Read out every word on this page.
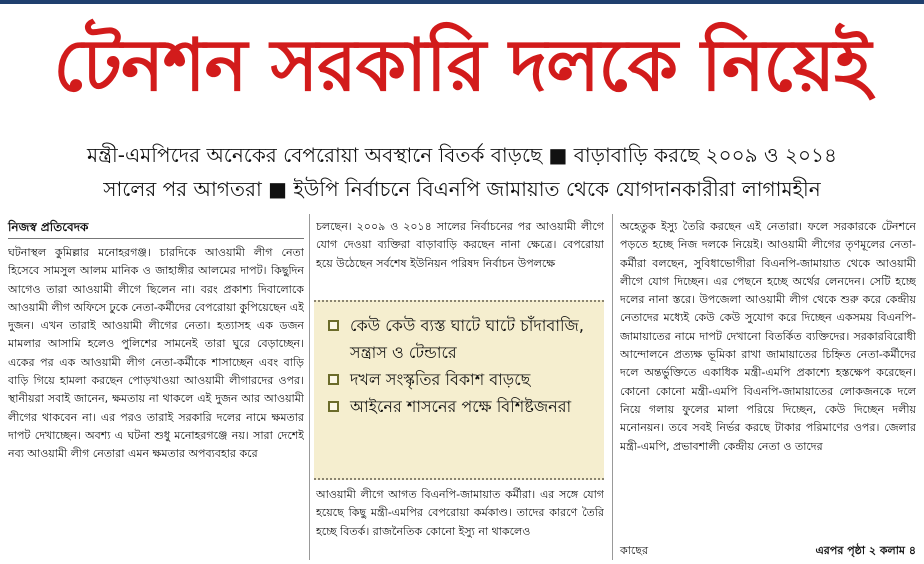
টেনশন সরকারি দলকে নিয়েই
মন্ত্রী-এমপিদের অনেকের বেপরোয়া অবস্থানে বিতর্ক বাড়ছে ■ বাড়াবাড়ি করছে ২০০৯ ও ২০১৪
সালের পর আগতরা ■ ইউপি নির্বাচনে বিএনপি জামায়াত থেকে যোগদানকারীরা লাগামহীন
নিজস্ব প্রতিবেদক
ঘটনাস্থল কুমিল্লার মনোহরগঞ্জ। চারদিকে আওয়ামী লীগ নেতা হিসেবে সামসুল আলম মানিক ও জাহাঙ্গীর আলমের দাপট। কিছুদিন আগেও তারা আওয়ামী লীগে ছিলেন না। বরং প্রকাশ্য দিবালোকে আওয়ামী লীগ অফিসে ঢুকে নেতা-কর্মীদের বেপরোয়া কুপিয়েছেন এই দুজন। এখন তারাই আওয়ামী লীগের নেতা। হত্যাসহ এক ডজন মামলার আসামি হলেও পুলিশের সামনেই তারা ঘুরে বেড়াচ্ছেন। একের পর এক আওয়ামী লীগ নেতা-কর্মীকে শাসাচ্ছেন এবং বাড়ি বাড়ি গিয়ে হামলা করছেন পোড়খাওয়া আওয়ামী লীগারদের ওপর। স্থানীয়রা সবাই জানেন, ক্ষমতায় না থাকলে এই দুজন আর আওয়ামী লীগের থাকবেন না। এর পরও তারাই সরকারি দলের নামে ক্ষমতার দাপট দেখাচ্ছেন। অবশ্য এ ঘটনা শুধু মনোহরগঞ্জে নয়। সারা দেশেই নব্য আওয়ামী লীগ নেতারা এমন ক্ষমতার অপব্যবহার করে
চলছেন। ২০০৯ ও ২০১৪ সালের নির্বাচনের পর আওয়ামী লীগে যোগ দেওয়া ব্যক্তিরা বাড়াবাড়ি করছেন নানা ক্ষেত্রে। বেপরোয়া হয়ে উঠেছেন সর্বশেষ ইউনিয়ন পরিষদ নির্বাচন উপলক্ষে
কেউ কেউ ব্যস্ত ঘাটে ঘাটে চাঁদাবাজি, সন্ত্রাস ও টেন্ডারে
দখল সংস্কৃতির বিকাশ বাড়ছে
আইনের শাসনের পক্ষে বিশিষ্টজনরা
আওয়ামী লীগে আগত বিএনপি-জামায়াত কর্মীরা। এর সঙ্গে যোগ হয়েছে কিছু মন্ত্রী-এমপির বেপরোয়া কর্মকাণ্ড। তাদের কারণে তৈরি হচ্ছে বিতর্ক। রাজনৈতিক কোনো ইস্যু না থাকলেও
অহেতুক ইস্যু তৈরি করছেন এই নেতারা। ফলে সরকারকে টেনশনে পড়তে হচ্ছে নিজ দলকে নিয়েই। আওয়ামী লীগের তৃণমূলের নেতা-কর্মীরা বলছেন, সুবিধাভোগীরা বিএনপি-জামায়াত থেকে আওয়ামী লীগে যোগ দিচ্ছেন। এর পেছনে হচ্ছে অর্থের লেনদেন। সেটি হচ্ছে দলের নানা স্তরে। উপজেলা আওয়ামী লীগ থেকে শুরু করে কেন্দ্রীয় নেতাদের মধ্যেই কেউ কেউ সুযোগ করে দিচ্ছেন একসময় বিএনপি-জামায়াতের নামে দাপট দেখানো বিতর্কিত ব্যক্তিদের। সরকারবিরোধী আন্দোলনে প্রত্যক্ষ ভূমিকা রাখা জামায়াতের চিহ্নিত নেতা-কর্মীদের দলে অন্তর্ভুক্তিতে একাধিক মন্ত্রী-এমপি প্রকাশ্যে হস্তক্ষেপ করেছেন। কোনো কোনো মন্ত্রী-এমপি বিএনপি-জামায়াতের লোকজনকে দলে নিয়ে গলায় ফুলের মালা পরিয়ে দিচ্ছেন, কেউ দিচ্ছেন দলীয় মনোনয়ন। তবে সবই নির্ভর করছে টাকার পরিমাণের ওপর। জেলার মন্ত্রী-এমপি, প্রভাবশালী কেন্দ্রীয় নেতা ও তাদের
কাছের	এরপর পৃষ্ঠা ২ কলাম ৪
